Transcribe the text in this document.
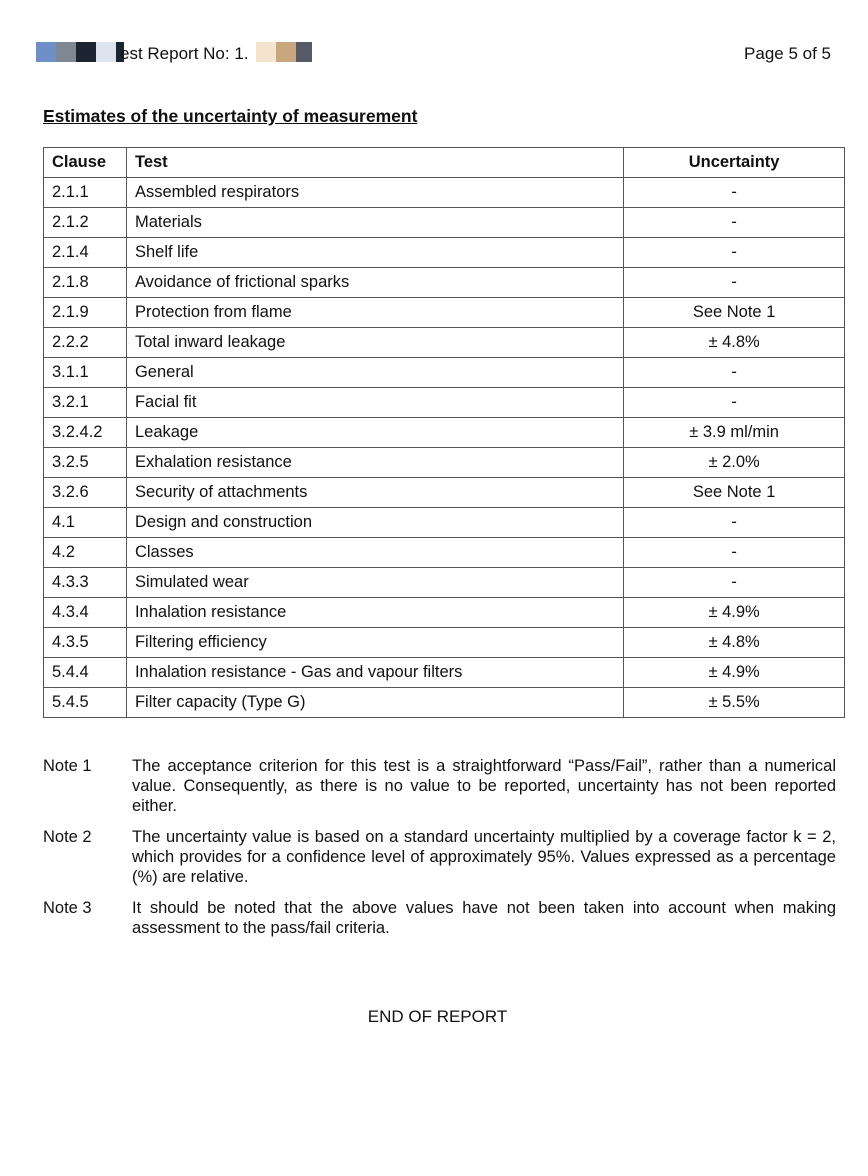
est Report No: 1.	Page 5 of 5
Estimates of the uncertainty of measurement
Clause	Test	Uncertainty
2.1.1	Assembled respirators	-
2.1.2	Materials	-
2.1.4	Shelf life	-
2.1.8	Avoidance of frictional sparks	-
2.1.9	Protection from flame	See Note 1
2.2.2	Total inward leakage	± 4.8%
3.1.1	General	-
3.2.1	Facial fit	-
3.2.4.2	Leakage	± 3.9 ml/min
3.2.5	Exhalation resistance	± 2.0%
3.2.6	Security of attachments	See Note 1
4.1	Design and construction	-
4.2	Classes	-
4.3.3	Simulated wear	-
4.3.4	Inhalation resistance	± 4.9%
4.3.5	Filtering efficiency	± 4.8%
5.4.4	Inhalation resistance - Gas and vapour filters	± 4.9%
5.4.5	Filter capacity (Type G)	± 5.5%
Note 1	The acceptance criterion for this test is a straightforward “Pass/Fail”, rather than a numerical value. Consequently, as there is no value to be reported, uncertainty has not been reported either.
Note 2	The uncertainty value is based on a standard uncertainty multiplied by a coverage factor k = 2, which provides for a confidence level of approximately 95%. Values expressed as a percentage (%) are relative.
Note 3	It should be noted that the above values have not been taken into account when making assessment to the pass/fail criteria.
END OF REPORT
